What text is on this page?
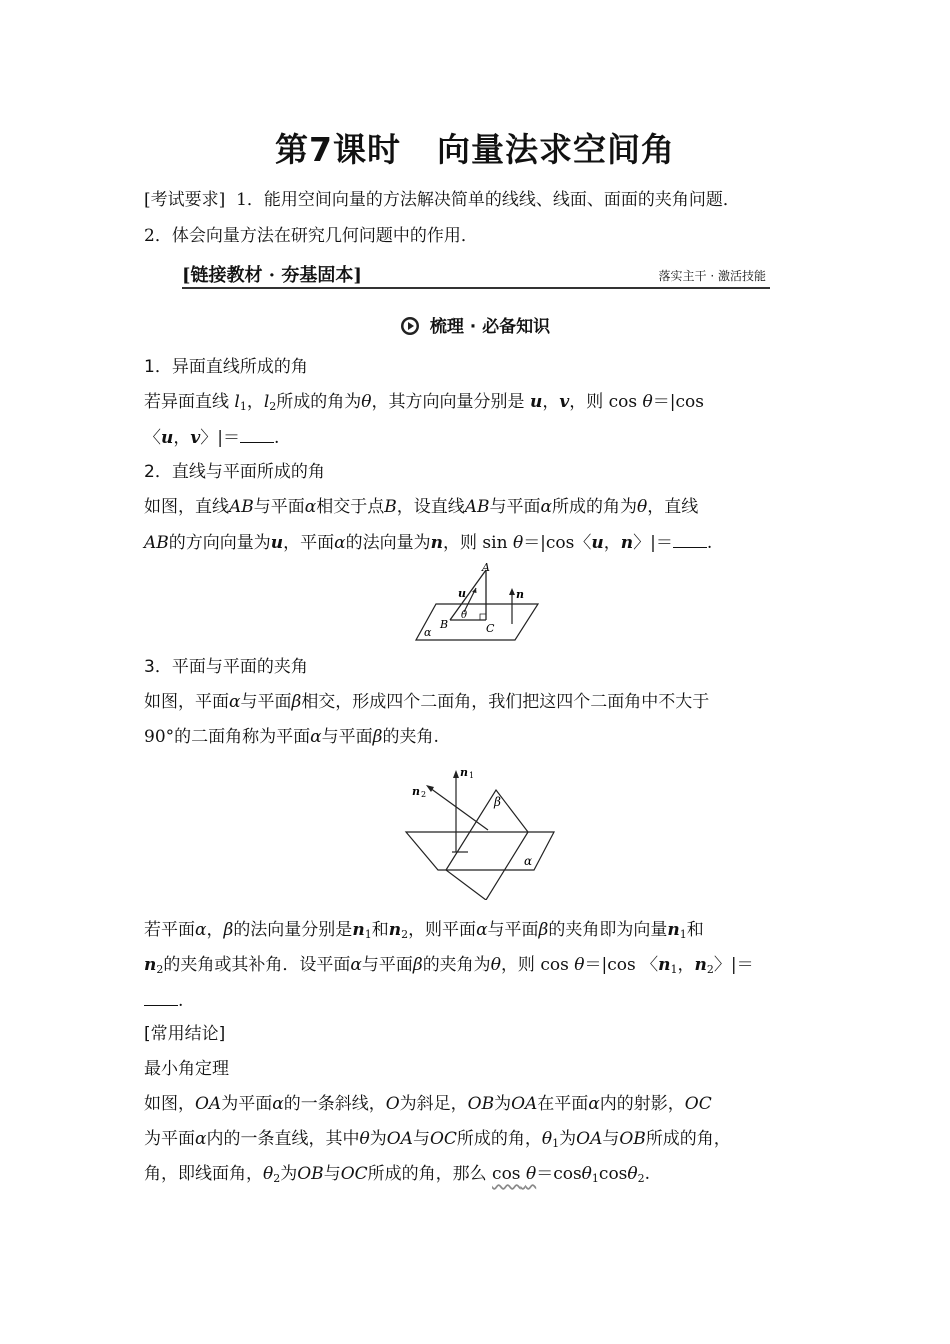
第7课时 向量法求空间角
[考试要求] 1．能用空间向量的方法解决简单的线线、线面、面面的夹角问题．
2．体会向量方法在研究几何问题中的作用．
[链接教材 · 夯基固本]	落实主干 · 激活技能
梳理 · 必备知识
1．异面直线所成的角
若异面直线 $l_1$，$l_2$所成的角为θ，其方向向量分别是 u，v，则 cos θ＝|cos
〈u，v〉|＝ .
2．直线与平面所成的角
如图，直线AB与平面α相交于点B，设直线AB与平面α所成的角为θ，直线
AB的方向向量为u，平面α的法向量为n，则 sin θ＝|cos〈u，n〉|＝ .
A
B	C
u	n
θ
α
3．平面与平面的夹角
如图，平面α与平面β相交，形成四个二面角，我们把这四个二面角中不大于
90°的二面角称为平面α与平面β的夹角.
n 1
n 2
β
α
若平面α，β的法向量分别是$n_1$和$n_2$，则平面α与平面β的夹角即为向量$n_1$和
$n_2$的夹角或其补角．设平面α与平面β的夹角为θ，则 cos θ＝|cos 〈$n_1$，$n_2$〉|＝
.
[常用结论]
最小角定理
如图，OA为平面α的一条斜线，O为斜足，OB为OA在平面α内的射影，OC
为平面α内的一条直线，其中θ为OA与OC所成的角，$\theta_1$为OA与OB所成的角，
角，即线面角，$\theta_2$为OB与OC所成的角，那么 cos θ＝cosθ$_1$cosθ$_2$.
